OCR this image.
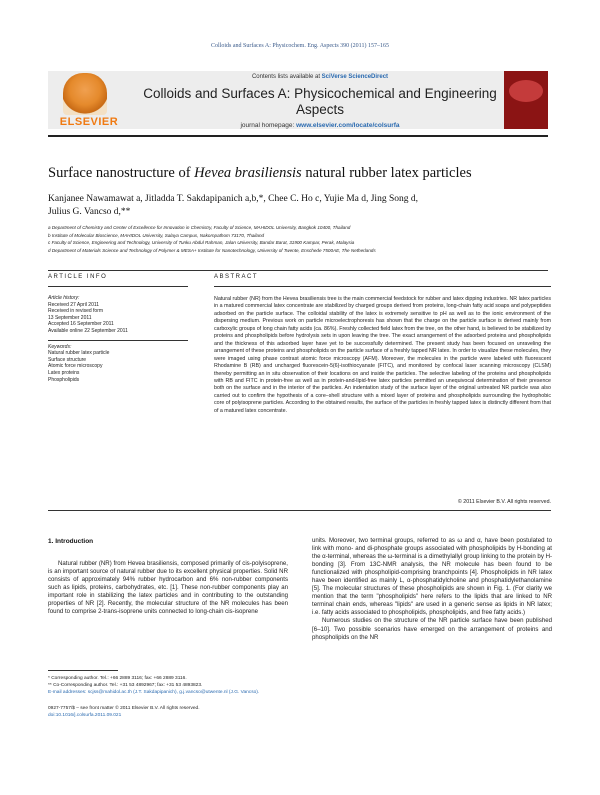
Colloids and Surfaces A: Physicochem. Eng. Aspects 390 (2011) 157–165
ELSEVIER
Contents lists available at SciVerse ScienceDirect
Colloids and Surfaces A: Physicochemical and Engineering Aspects
journal homepage: www.elsevier.com/locate/colsurfa
Surface nanostructure of Hevea brasiliensis natural rubber latex particles
Kanjanee Nawamawat a, Jitladda T. Sakdapipanich a,b,*, Chee C. Ho c, Yujie Ma d, Jing Song d,
Julius G. Vancso d,**
a Department of Chemistry and Center of Excellence for Innovation in Chemistry, Faculty of Science, MAHIDOL University, Bangkok 10400, Thailand
b Institute of Molecular Bioscience, MAHIDOL University, Salaya Campus, Nakornpathom 73170, Thailand
c Faculty of Science, Engineering and Technology, University of Tunku Abdul Rahman, Jalan University, Bandar Barat, 31900 Kampar, Perak, Malaysia
d Department of Materials Science and Technology of Polymer & MESA+ Institute for Nanotechnology, University of Twente, Enschede 7500AE, The Netherlands
ARTICLE INFO	ABSTRACT
Article history:
Received 27 April 2011
Received in revised form
13 September 2011
Accepted 16 September 2011
Available online 22 September 2011
Keywords:
Natural rubber latex particle
Surface structure
Atomic force microscopy
Latex proteins
Phospholipids
Natural rubber (NR) from the Hevea brasiliensis tree is the main commercial feedstock for rubber and latex dipping industries. NR latex particles in a matured commercial latex concentrate are stabilized by charged groups derived from proteins, long-chain fatty acid soaps and polypeptides adsorbed on the particle surface. The colloidal stability of the latex is extremely sensitive to pH as well as to the ionic environment of the dispersing medium. Previous work on particle microelectrophoresis has shown that the charge on the particle surface is derived mainly from carboxylic groups of long chain fatty acids (ca. 86%). Freshly collected field latex from the tree, on the other hand, is believed to be stabilized by proteins and phospholipids before hydrolysis sets in upon leaving the tree. The exact arrangement of the adsorbed proteins and phospholipids and the thickness of this adsorbed layer have yet to be successfully determined. The present study has been focused on unraveling the arrangement of these proteins and phospholipids on the particle surface of a freshly tapped NR latex. In order to visualize these molecules, they were imaged using phase contrast atomic force microscopy (AFM). Moreover, the molecules in the particle were labeled with fluorescent Rhodamine B (RB) and uncharged fluorescein-5(6)-isothiocyanate (FITC), and monitored by confocal laser scanning microscopy (CLSM) thereby permitting an in situ observation of their locations on and inside the particles. The selective labeling of the proteins and phospholipids with RB and FITC in protein-free as well as in protein-and-lipid-free latex particles permitted an unequivocal determination of their presence both on the surface and in the interior of the particles. An indentation study of the surface layer of the original untreated NR particle was also carried out to confirm the hypothesis of a core–shell structure with a mixed layer of proteins and phospholipids surrounding the hydrophobic core of polyisoprene particles. According to the obtained results, the surface of the particles in freshly tapped latex is distinctly different from that of a matured latex concentrate.
© 2011 Elsevier B.V. All rights reserved.
1. Introduction

Natural rubber (NR) from Hevea brasiliensis, composed primarily of cis-polyisoprene, is an important source of natural rubber due to its excellent physical properties. Solid NR consists of approximately 94% rubber hydrocarbon and 6% non-rubber components such as lipids, proteins, carbohydrates, etc. [1]. These non-rubber components play an important role in stabilizing the latex particles and in contributing to the outstanding properties of NR [2]. Recently, the molecular structure of the NR molecules has been found to comprise 2-trans-isoprene units connected to long-chain cis-isoprene

units. Moreover, two terminal groups, referred to as ω and α, have been postulated to link with mono- and di-phosphate groups associated with phospholipids by H-bonding at the α-terminal, whereas the ω-terminal is a dimethylallyl group linking to the protein by H-bonding [3]. From 13C-NMR analysis, the NR molecule has been found to be functionalized with phospholipid-comprising branchpoints [4]. Phospholipids in NR latex have been identified as mainly L, α-phosphatidylcholine and phosphatidylethanolamine [5]. The molecular structures of these phospholipids are shown in Fig. 1. (For clarity we mention that the term "phospholipids" here refers to the lipids that are linked to NR terminal chain ends, whereas "lipids" are used in a generic sense as lipids in NR latex; i.e. fatty acids associated to phospholipids, phospholipids, and free fatty acids.)

Numerous studies on the structure of the NR particle surface have been published [6–10]. Two possible scenarios have emerged on the arrangement of proteins and phospholipids on the NR

* Corresponding author. Tel.: +66 2889 3116; fax: +66 2889 3116.
** Co-Corresponding author. Tel.: +31 53 4892967; fax: +31 53 4893823.
E-mail addresses: scjss@mahidol.ac.th (J.T. Sakdapipanich), g.j.vancso@utwente.nl (J.G. Vancso).
0927-7757/$ – see front matter © 2011 Elsevier B.V. All rights reserved.
doi:10.1016/j.colsurfa.2011.09.021
